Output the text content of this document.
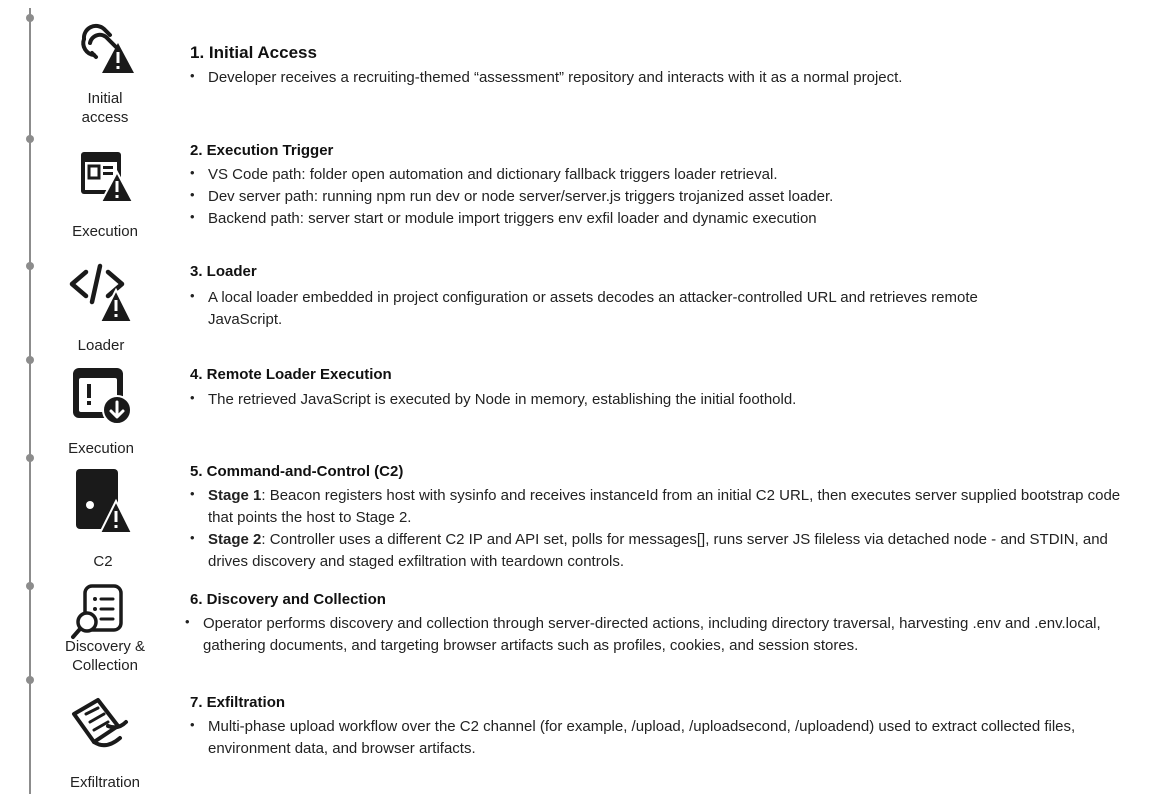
Initial
access
1. Initial Access
• Developer receives a recruiting-themed “assessment” repository and interacts with it as a normal project.
Execution
2. Execution Trigger
• VS Code path: folder open automation and dictionary fallback triggers loader retrieval.
• Dev server path: running npm run dev or node server/server.js triggers trojanized asset loader.
• Backend path: server start or module import triggers env exfil loader and dynamic execution
Loader
3. Loader
• A local loader embedded in project configuration or assets decodes an attacker-controlled URL and retrieves remote JavaScript.
Execution
4. Remote Loader Execution
• The retrieved JavaScript is executed by Node in memory, establishing the initial foothold.
C2
5. Command-and-Control (C2)
• Stage 1: Beacon registers host with sysinfo and receives instanceId from an initial C2 URL, then executes server supplied bootstrap code that points the host to Stage 2.
• Stage 2: Controller uses a different C2 IP and API set, polls for messages[], runs server JS fileless via detached node - and STDIN, and drives discovery and staged exfiltration with teardown controls.
Discovery &
Collection
6. Discovery and Collection
• Operator performs discovery and collection through server-directed actions, including directory traversal, harvesting .env and .env.local, gathering documents, and targeting browser artifacts such as profiles, cookies, and session stores.
Exfiltration
7. Exfiltration
• Multi-phase upload workflow over the C2 channel (for example, /upload, /uploadsecond, /uploadend) used to extract collected files, environment data, and browser artifacts.
